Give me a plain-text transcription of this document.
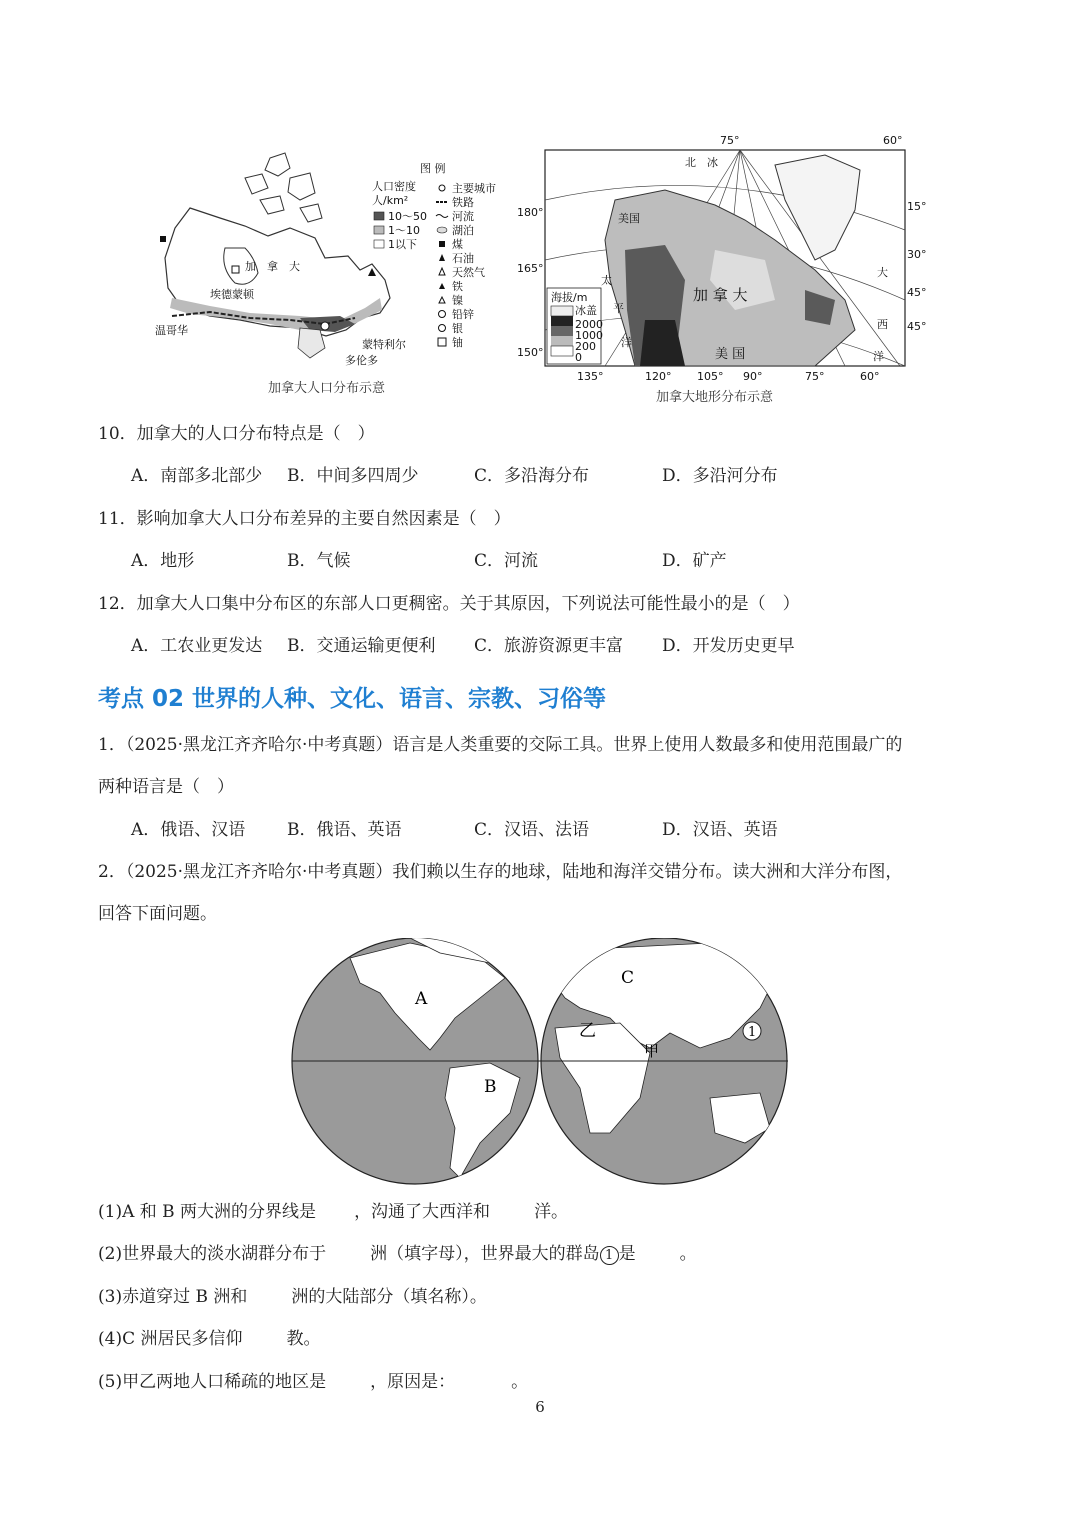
加　拿　大
埃德蒙顿
温哥华
蒙特利尔
多伦多
图 例
人口密度
人/km²
10～50
1～10
1以下
主要城市
铁路
河流
湖泊
煤
石油
天然气
铁
镍
铅锌
银
铀
加拿大人口分布示意
75°	60°
180°
165°
150°
15°
30°
45°
45°
135°	120° 105° 90°	75°	60°
北　冰
美国
加 拿 大
美 国
太
平
洋
大
西
洋
海拔/m
冰盖
2000
1000
200
0
加拿大地形分布示意
10．加拿大的人口分布特点是（　）
A．南部多北部少 B．中间多四周少	C．多沿海分布	D．多沿河分布
11．影响加拿大人口分布差异的主要自然因素是（　）
A．地形	B．气候	C．河流	D．矿产
12．加拿大人口集中分布区的东部人口更稠密。关于其原因，下列说法可能性最小的是（　）
A．工农业更发达 B．交通运输更便利 C．旅游资源更丰富 D．开发历史更早
考点 02 世界的人种、文化、语言、宗教、习俗等
1．（2025·黑龙江齐齐哈尔·中考真题）语言是人类重要的交际工具。世界上使用人数最多和使用范围最广的
两种语言是（　）
A．俄语、汉语 B．俄语、英语	C．汉语、法语	D．汉语、英语
2．（2025·黑龙江齐齐哈尔·中考真题）我们赖以生存的地球，陆地和海洋交错分布。读大洲和大洋分布图，
回答下面问题。
A
B
C
乙
甲
1
(1)A 和 B 两大洲的分界线是 ，沟通了大西洋和	洋。
(2)世界最大的淡水湖群分布于	洲（填字母），世界最大的群岛 1 是	。
(3)赤道穿过 B 洲和	洲的大陆部分（填名称）。
(4)C 洲居民多信仰	教。
(5)甲乙两地人口稀疏的地区是	，原因是：	。
6
